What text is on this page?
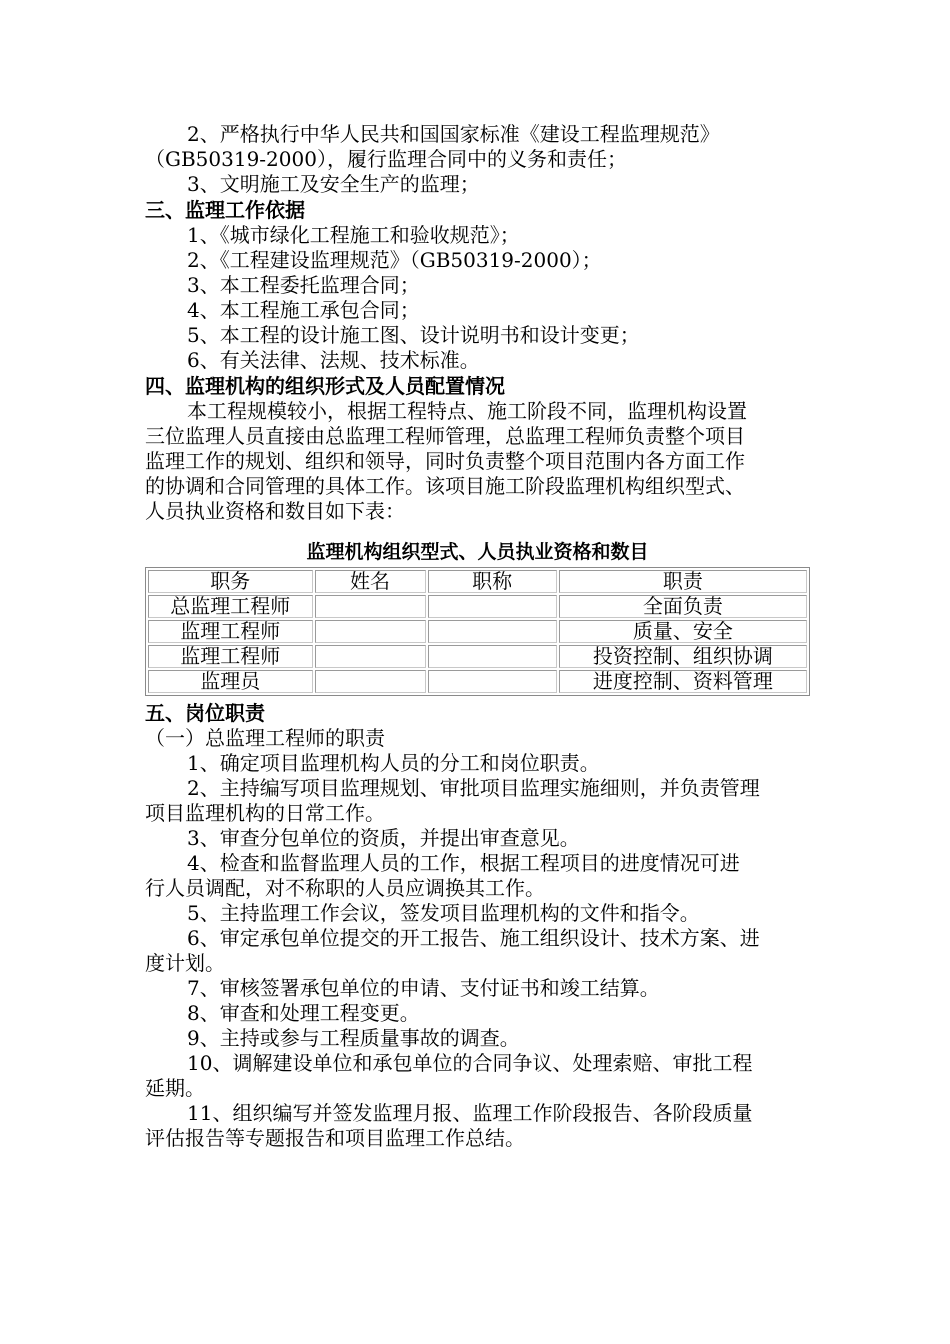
2、严格执行中华人民共和国国家标准《建设工程监理规范》
（GB50319-2000），履行监理合同中的义务和责任；
3、文明施工及安全生产的监理；
三、监理工作依据
1、《城市绿化工程施工和验收规范》；
2、《工程建设监理规范》（GB50319-2000）；
3、本工程委托监理合同；
4、本工程施工承包合同；
5、本工程的设计施工图、设计说明书和设计变更；
6、有关法律、法规、技术标准。
四、监理机构的组织形式及人员配置情况
本工程规模较小，根据工程特点、施工阶段不同，监理机构设置
三位监理人员直接由总监理工程师管理，总监理工程师负责整个项目
监理工作的规划、组织和领导，同时负责整个项目范围内各方面工作
的协调和合同管理的具体工作。该项目施工阶段监理机构组织型式、
人员执业资格和数目如下表：
监理机构组织型式、人员执业资格和数目
职务	姓名	职称	职责
总监理工程师			全面负责
监理工程师			质量、安全
监理工程师			投资控制、组织协调
监理员			进度控制、资料管理
五、岗位职责
（一）总监理工程师的职责
1、确定项目监理机构人员的分工和岗位职责。
2、主持编写项目监理规划、审批项目监理实施细则，并负责管理
项目监理机构的日常工作。
3、审查分包单位的资质，并提出审查意见。
4、检查和监督监理人员的工作，根据工程项目的进度情况可进
行人员调配，对不称职的人员应调换其工作。
5、主持监理工作会议，签发项目监理机构的文件和指令。
6、审定承包单位提交的开工报告、施工组织设计、技术方案、进
度计划。
7、审核签署承包单位的申请、支付证书和竣工结算。
8、审查和处理工程变更。
9、主持或参与工程质量事故的调查。
10、调解建设单位和承包单位的合同争议、处理索赔、审批工程
延期。
11、组织编写并签发监理月报、监理工作阶段报告、各阶段质量
评估报告等专题报告和项目监理工作总结。
